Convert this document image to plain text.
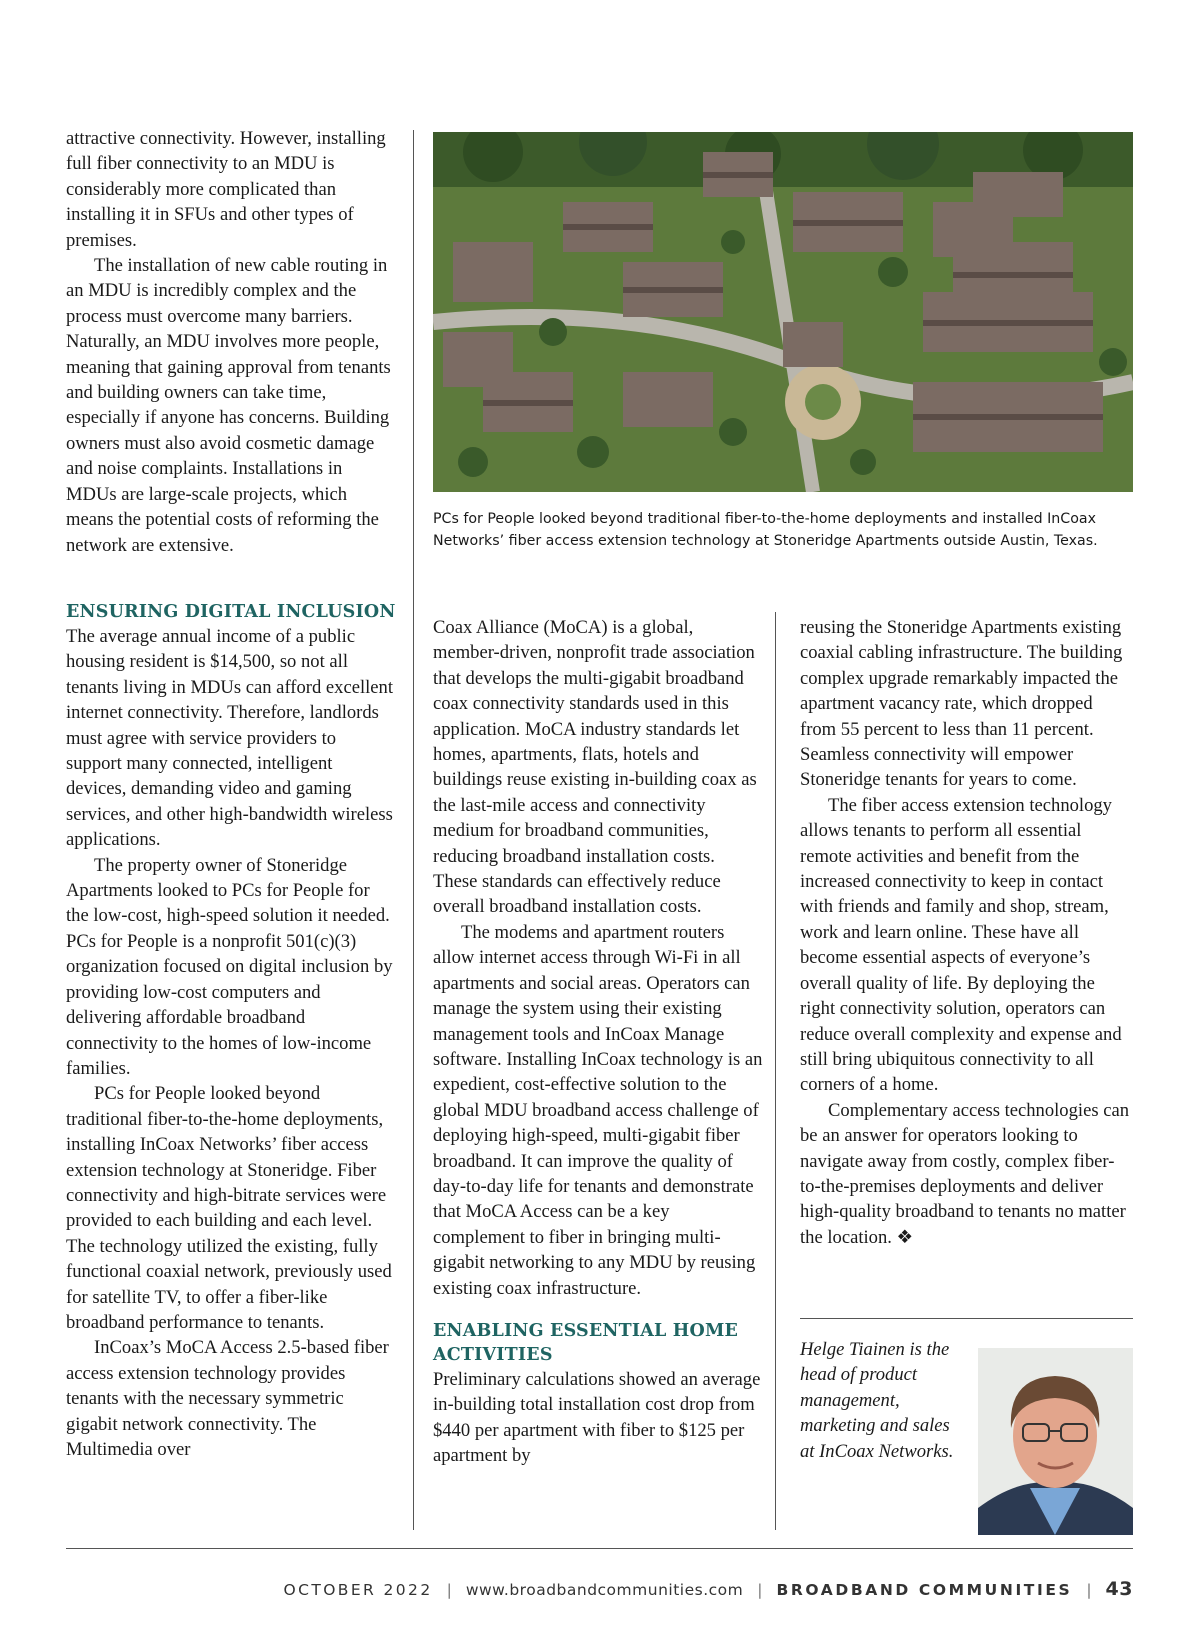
attractive connectivity. However, installing full fiber connectivity to an MDU is considerably more complicated than installing it in SFUs and other types of premises.

The installation of new cable routing in an MDU is incredibly complex and the process must overcome many barriers. Naturally, an MDU involves more people, meaning that gaining approval from tenants and building owners can take time, especially if anyone has concerns. Building owners must also avoid cosmetic damage and noise complaints. Installations in MDUs are large-scale projects, which means the potential costs of reforming the network are extensive.

ENSURING DIGITAL INCLUSION

The average annual income of a public housing resident is $14,500, so not all tenants living in MDUs can afford excellent internet connectivity. Therefore, landlords must agree with service providers to support many connected, intelligent devices, demanding video and gaming services, and other high-bandwidth wireless applications.

The property owner of Stoneridge Apartments looked to PCs for People for the low-cost, high-speed solution it needed. PCs for People is a nonprofit 501(c)(3) organization focused on digital inclusion by providing low-cost computers and delivering affordable broadband connectivity to the homes of low-income families.

PCs for People looked beyond traditional fiber-to-the-home deployments, installing InCoax Networks’ fiber access extension technology at Stoneridge. Fiber connectivity and high-bitrate services were provided to each building and each level. The technology utilized the existing, fully functional coaxial network, previously used for satellite TV, to offer a fiber-like broadband performance to tenants.

InCoax’s MoCA Access 2.5-based fiber access extension technology provides tenants with the necessary symmetric gigabit network connectivity. The Multimedia over

PCs for People looked beyond traditional fiber-to-the-home deployments and installed InCoax Networks’ fiber access extension technology at Stoneridge Apartments outside Austin, Texas.

Coax Alliance (MoCA) is a global, member-driven, nonprofit trade association that develops the multi-gigabit broadband coax connectivity standards used in this application. MoCA industry standards let homes, apartments, flats, hotels and buildings reuse existing in-building coax as the last-mile access and connectivity medium for broadband communities, reducing broadband installation costs. These standards can effectively reduce overall broadband installation costs.

The modems and apartment routers allow internet access through Wi-Fi in all apartments and social areas. Operators can manage the system using their existing management tools and InCoax Manage software. Installing InCoax technology is an expedient, cost-effective solution to the global MDU broadband access challenge of deploying high-speed, multi-gigabit fiber broadband. It can improve the quality of day-to-day life for tenants and demonstrate that MoCA Access can be a key complement to fiber in bringing multi-gigabit networking to any MDU by reusing existing coax infrastructure.

ENABLING ESSENTIAL HOME ACTIVITIES

Preliminary calculations showed an average in-building total installation cost drop from $440 per apartment with fiber to $125 per apartment by

reusing the Stoneridge Apartments existing coaxial cabling infrastructure. The building complex upgrade remarkably impacted the apartment vacancy rate, which dropped from 55 percent to less than 11 percent. Seamless connectivity will empower Stoneridge tenants for years to come.

The fiber access extension technology allows tenants to perform all essential remote activities and benefit from the increased connectivity to keep in contact with friends and family and shop, stream, work and learn online. These have all become essential aspects of everyone’s overall quality of life. By deploying the right connectivity solution, operators can reduce overall complexity and expense and still bring ubiquitous connectivity to all corners of a home.

Complementary access technologies can be an answer for operators looking to navigate away from costly, complex fiber-to-the-premises deployments and deliver high-quality broadband to tenants no matter the location. ❖

Helge Tiainen is the head of product management, marketing and sales at InCoax Networks.
OCTOBER 2022 | www.broadbandcommunities.com | BROADBAND COMMUNITIES | 43
